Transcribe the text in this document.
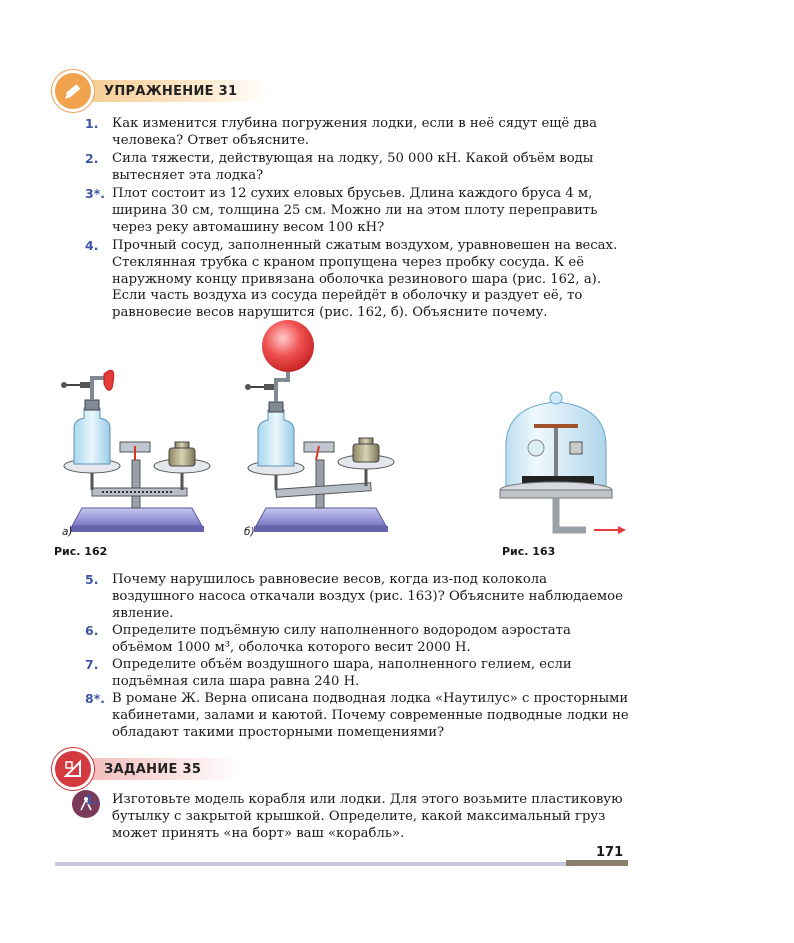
УПРАЖНЕНИЕ 31
1. Как изменится глубина погружения лодки, если в неё сядут ещё два человека? Ответ объясните.
2. Сила тяжести, действующая на лодку, 50 000 кН. Какой объём воды вытесняет эта лодка?
3*. Плот состоит из 12 сухих еловых брусьев. Длина каждого бруса 4 м, ширина 30 см, толщина 25 см. Можно ли на этом плоту переправить через реку автомашину весом 100 кН?
4. Прочный сосуд, заполненный сжатым воздухом, уравновешен на весах. Стеклянная трубка с краном пропущена через пробку сосуда. К её наружному концу привязана оболочка резинового шара (рис. 162, а). Если часть воздуха из сосуда перейдёт в оболочку и раздует её, то равновесие весов нарушится (рис. 162, б). Объясните почему.
а)	б)
Рис. 162	Рис. 163
5. Почему нарушилось равновесие весов, когда из-под колокола воздушного насоса откачали воздух (рис. 163)? Объясните наблюдаемое явление.
6. Определите подъёмную силу наполненного водородом аэростата объёмом 1000 м³, оболочка которого весит 2000 Н.
7. Определите объём воздушного шара, наполненного гелием, если подъёмная сила шара равна 240 Н.
8*. В романе Ж. Верна описана подводная лодка «Наутилус» с просторными кабинетами, залами и каютой. Почему современные подводные лодки не обладают такими просторными помещениями?
ЗАДАНИЕ 35
1. Изготовьте модель корабля или лодки. Для этого возьмите пластиковую бутылку с закрытой крышкой. Определите, какой максимальный груз может принять «на борт» ваш «корабль».
171
